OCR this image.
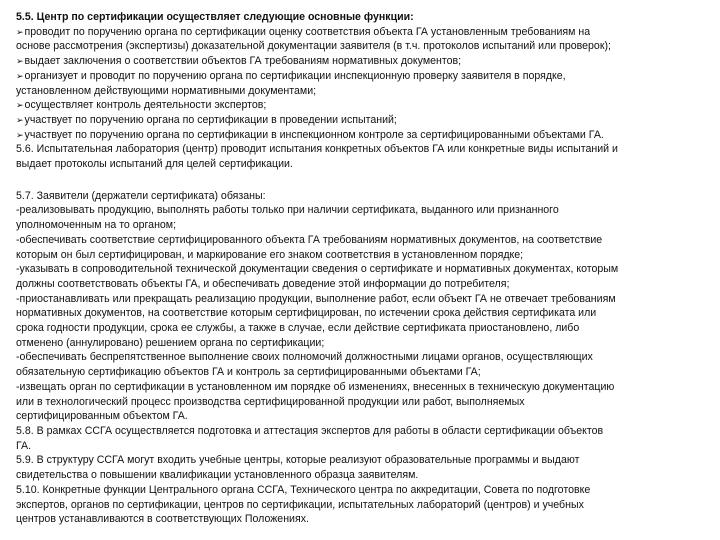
5.5. Центр по сертификации осуществляет следующие основные функции:
➢ проводит по поручению органа по сертификации оценку соответствия объекта ГА установленным требованиям на
основе рассмотрения (экспертизы) доказательной документации заявителя (в т.ч. протоколов испытаний или проверок);
➢ выдает заключения о соответствии объектов ГА требованиям нормативных документов;
➢ организует и проводит по поручению органа по сертификации инспекционную проверку заявителя в порядке,
установленном действующими нормативными документами;
➢ осуществляет контроль деятельности экспертов;
➢ участвует по поручению органа по сертификации в проведении испытаний;
➢ участвует по поручению органа по сертификации в инспекционном контроле за сертифицированными объектами ГА.
5.6. Испытательная лаборатория (центр) проводит испытания конкретных объектов ГА или конкретные виды испытаний и
выдает протоколы испытаний для целей сертификации.
5.7. Заявители (держатели сертификата) обязаны:
-реализовывать продукцию, выполнять работы только при наличии сертификата, выданного или признанного
уполномоченным на то органом;
-обеспечивать соответствие сертифицированного объекта ГА требованиям нормативных документов, на соответствие
которым он был сертифицирован, и маркирование его знаком соответствия в установленном порядке;
-указывать в сопроводительной технической документации сведения о сертификате и нормативных документах, которым
должны соответствовать объекты ГА, и обеспечивать доведение этой информации до потребителя;
-приостанавливать или прекращать реализацию продукции, выполнение работ, если объект ГА не отвечает требованиям
нормативных документов, на соответствие которым сертифицирован, по истечении срока действия сертификата или
срока годности продукции, срока ее службы, а также в случае, если действие сертификата приостановлено, либо
отменено (аннулировано) решением органа по сертификации;
-обеспечивать беспрепятственное выполнение своих полномочий должностными лицами органов, осуществляющих
обязательную сертификацию объектов ГА и контроль за сертифицированными объектами ГА;
-извещать орган по сертификации в установленном им порядке об изменениях, внесенных в техническую документацию
или в технологический процесс производства сертифицированной продукции или работ, выполняемых
сертифицированным объектом ГА.
5.8. В рамках ССГА осуществляется подготовка и аттестация экспертов для работы в области сертификации объектов
ГА.
5.9. В структуру ССГА могут входить учебные центры, которые реализуют образовательные программы и выдают
свидетельства о повышении квалификации установленного образца заявителям.
5.10. Конкретные функции Центрального органа ССГА, Технического центра по аккредитации, Совета по подготовке
экспертов, органов по сертификации, центров по сертификации, испытательных лабораторий (центров) и учебных
центров устанавливаются в соответствующих Положениях.
